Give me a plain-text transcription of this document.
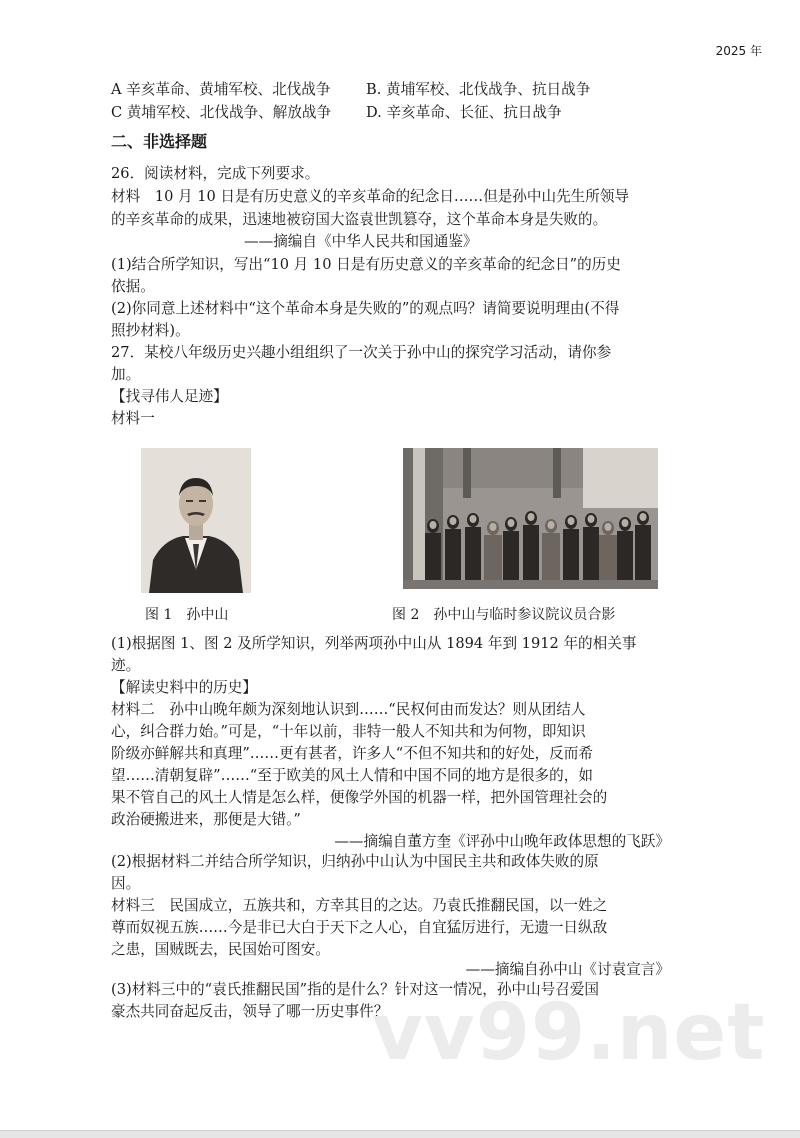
2025 年
A 辛亥革命、黄埔军校、北伐战争 B. 黄埔军校、北伐战争、抗日战争
C 黄埔军校、北伐战争、解放战争 D. 辛亥革命、长征、抗日战争
二、非选择题
26．阅读材料，完成下列要求。
材料　10 月 10 日是有历史意义的辛亥革命的纪念日……但是孙中山先生所领导
的辛亥革命的成果，迅速地被窃国大盗袁世凯篡夺，这个革命本身是失败的。
——摘编自《中华人民共和国通鉴》
(1)结合所学知识，写出“10 月 10 日是有历史意义的辛亥革命的纪念日”的历史
依据。
(2)你同意上述材料中“这个革命本身是失败的”的观点吗？请简要说明理由(不得
照抄材料)。
27．某校八年级历史兴趣小组组织了一次关于孙中山的探究学习活动，请你参
加。
【找寻伟人足迹】
材料一
图 1　孙中山	图 2　孙中山与临时参议院议员合影
(1)根据图 1、图 2 及所学知识，列举两项孙中山从 1894 年到 1912 年的相关事
迹。
【解读史料中的历史】
材料二　孙中山晚年颇为深刻地认识到……“民权何由而发达？则从团结人
心，纠合群力始。”可是，“十年以前，非特一般人不知共和为何物，即知识
阶级亦鲜解共和真理”……更有甚者，许多人“不但不知共和的好处，反而希
望……清朝复辟”……“至于欧美的风土人情和中国不同的地方是很多的，如
果不管自己的风土人情是怎么样，便像学外国的机器一样，把外国管理社会的
政治硬搬进来，那便是大错。”
——摘编自董方奎《评孙中山晚年政体思想的飞跃》
(2)根据材料二并结合所学知识，归纳孙中山认为中国民主共和政体失败的原
因。
材料三　民国成立，五族共和，方幸其目的之达。乃袁氏推翻民国，以一姓之
尊而奴视五族……今是非已大白于天下之人心，自宜猛厉进行，无遗一日纵敌
之患，国贼既去，民国始可图安。
——摘编自孙中山《讨袁宣言》
(3)材料三中的“袁氏推翻民国”指的是什么？针对这一情况，孙中山号召爱国
豪杰共同奋起反击，领导了哪一历史事件？
vv99.net
